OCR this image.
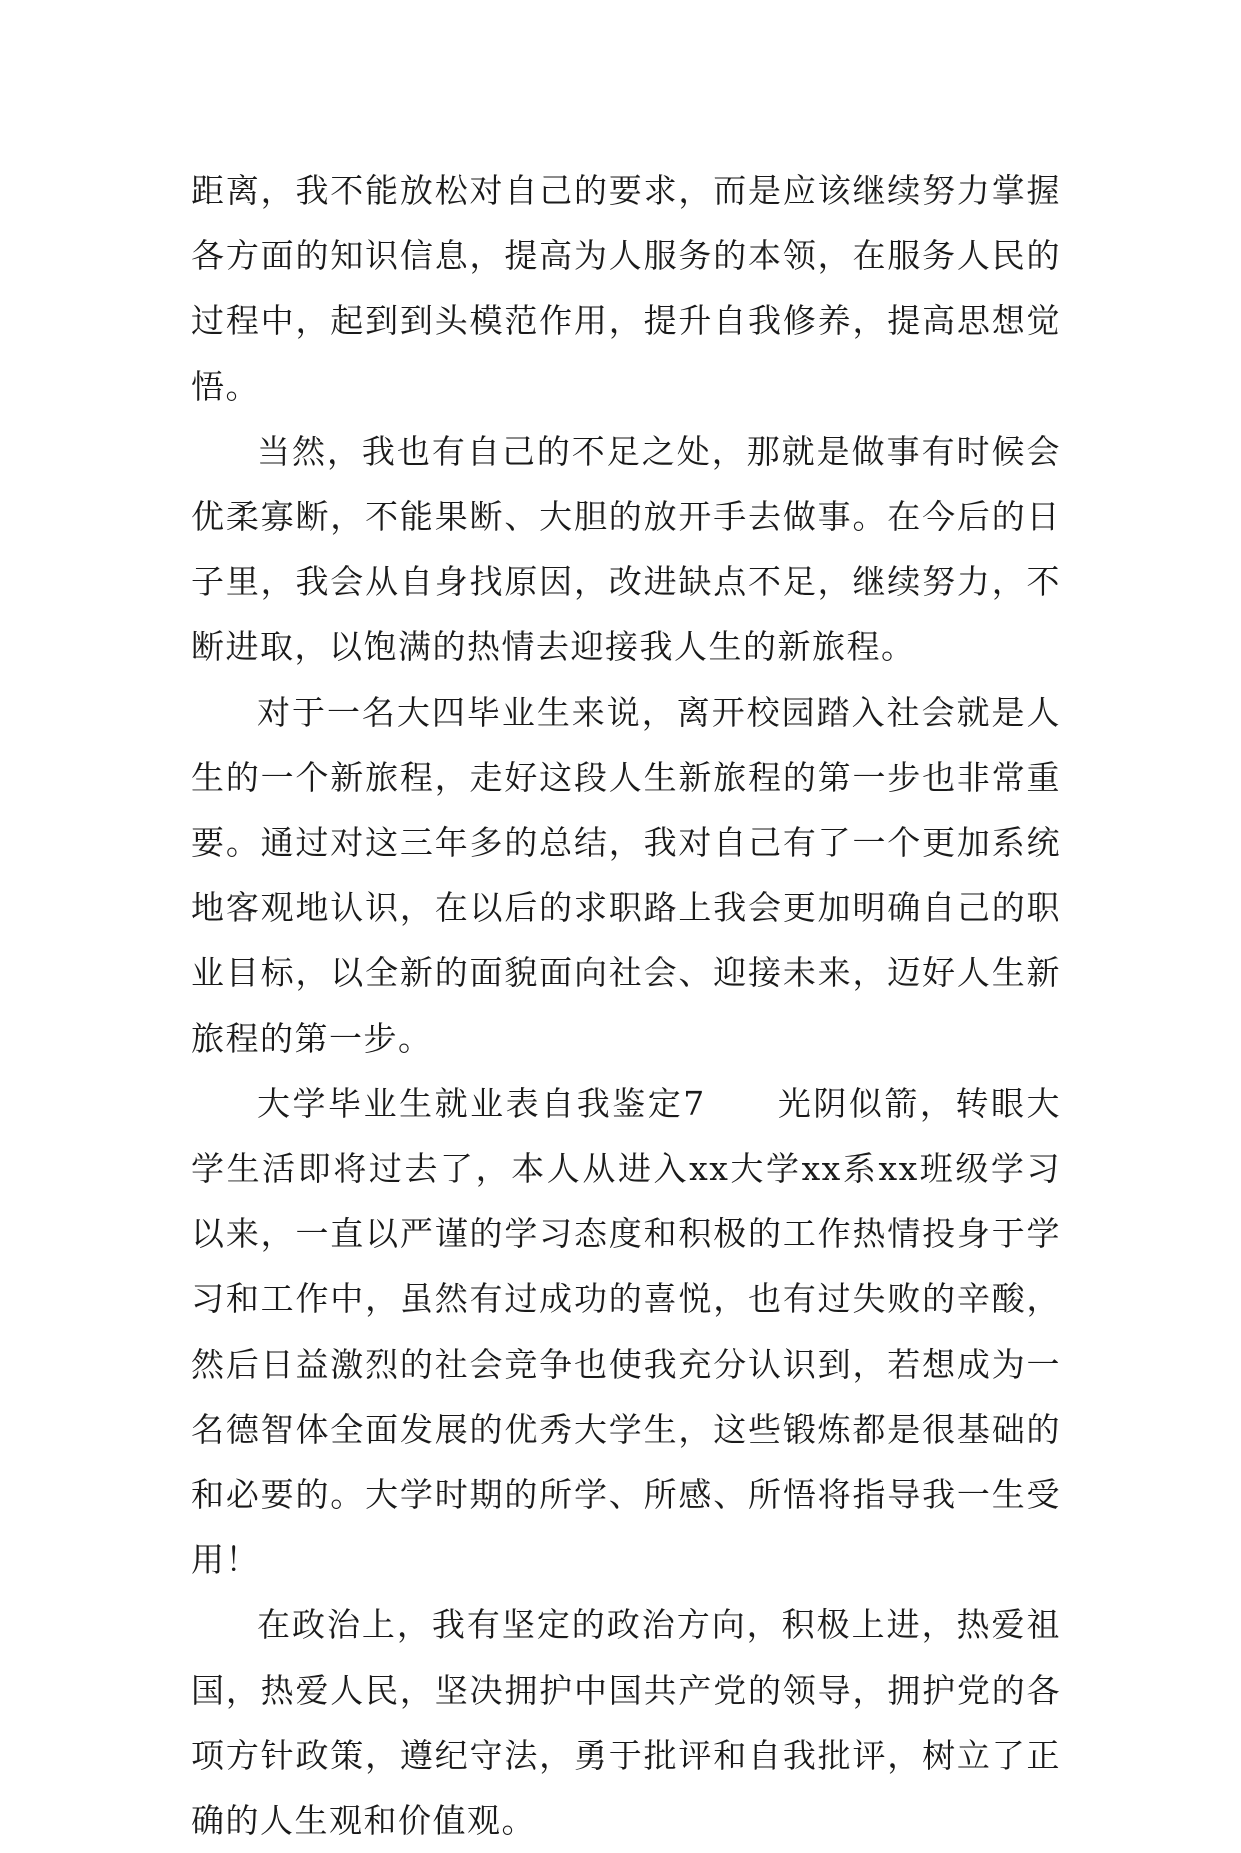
距离，我不能放松对自己的要求，而是应该继续努力掌握各方面的知识信息，提高为人服务的本领，在服务人民的过程中，起到到头模范作用，提升自我修养，提高思想觉悟。

当然，我也有自己的不足之处，那就是做事有时候会优柔寡断，不能果断、大胆的放开手去做事。在今后的日子里，我会从自身找原因，改进缺点不足，继续努力，不断进取，以饱满的热情去迎接我人生的新旅程。

对于一名大四毕业生来说，离开校园踏入社会就是人生的一个新旅程，走好这段人生新旅程的第一步也非常重要。通过对这三年多的总结，我对自己有了一个更加系统地客观地认识，在以后的求职路上我会更加明确自己的职业目标，以全新的面貌面向社会、迎接未来，迈好人生新旅程的第一步。

大学毕业生就业表自我鉴定7　　光阴似箭，转眼大学生活即将过去了，本人从进入xx大学xx系xx班级学习以来，一直以严谨的学习态度和积极的工作热情投身于学习和工作中，虽然有过成功的喜悦，也有过失败的辛酸，然后日益激烈的社会竞争也使我充分认识到，若想成为一名德智体全面发展的优秀大学生，这些锻炼都是很基础的和必要的。大学时期的所学、所感、所悟将指导我一生受用！

在政治上，我有坚定的政治方向，积极上进，热爱祖国，热爱人民，坚决拥护中国共产党的领导，拥护党的各项方针政策，遵纪守法，勇于批评和自我批评，树立了正确的人生观和价值观。
